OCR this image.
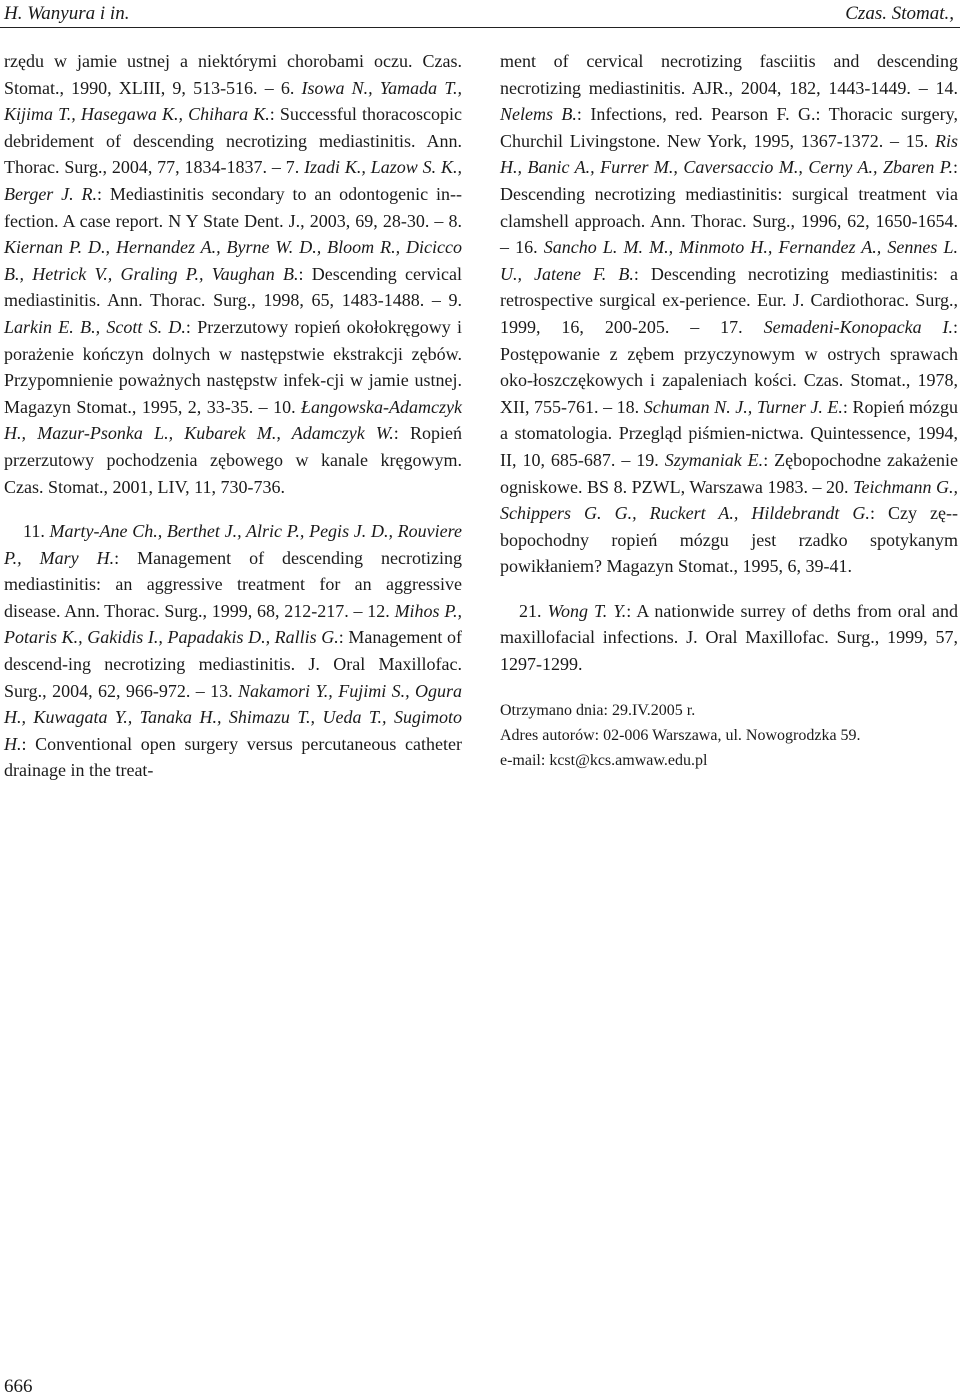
H. Wanyura i in.	Czas. Stomat.,

rzędu w jamie ustnej a niektórymi chorobami oczu. Czas. Stomat., 1990, XLIII, 9, 513-516. – 6. Isowa N., Yamada T., Kijima T., Hasegawa K., Chihara K.: Successful thoracoscopic debridement of descending necrotizing mediastinitis. Ann. Thorac. Surg., 2004, 77, 1834-1837. – 7. Izadi K., Lazow S. K., Berger J. R.: Mediastinitis secondary to an odontogenic in-fection. A case report. N Y State Dent. J., 2003, 69, 28-30. – 8. Kiernan P. D., Hernandez A., Byrne W. D., Bloom R., Dicicco B., Hetrick V., Graling P., Vaughan B.: Descending cervical mediastinitis. Ann. Thorac. Surg., 1998, 65, 1483-1488. – 9. Larkin E. B., Scott S. D.: Przerzutowy ropień okołokręgowy i porażenie kończyn dolnych w następstwie ekstrakcji zębów. Przypomnienie poważnych następstw infek-cji w jamie ustnej. Magazyn Stomat., 1995, 2, 33-35. – 10. Łangowska-Adamczyk H., Mazur-Psonka L., Kubarek M., Adamczyk W.: Ropień przerzutowy pochodzenia zębowego w kanale kręgowym. Czas. Stomat., 2001, LIV, 11, 730-736.

11. Marty-Ane Ch., Berthet J., Alric P., Pegis J. D., Rouviere P., Mary H.: Management of descending necrotizing mediastinitis: an aggressive treatment for an aggressive disease. Ann. Thorac. Surg., 1999, 68, 212-217. – 12. Mihos P., Potaris K., Gakidis I., Papadakis D., Rallis G.: Management of descend-ing necrotizing mediastinitis. J. Oral Maxillofac. Surg., 2004, 62, 966-972. – 13. Nakamori Y., Fujimi S., Ogura H., Kuwagata Y., Tanaka H., Shimazu T., Ueda T., Sugimoto H.: Conventional open surgery versus percutaneous catheter drainage in the treat-

ment of cervical necrotizing fasciitis and descending necrotizing mediastinitis. AJR., 2004, 182, 1443-1449. – 14. Nelems B.: Infections, red. Pearson F. G.: Thoracic surgery, Churchil Livingstone. New York, 1995, 1367-1372. – 15. Ris H., Banic A., Furrer M., Caversaccio M., Cerny A., Zbaren P.: Descending necrotizing mediastinitis: surgical treatment via clamshell approach. Ann. Thorac. Surg., 1996, 62, 1650-1654. – 16. Sancho L. M. M., Minmoto H., Fernandez A., Sennes L. U., Jatene F. B.: Descending necrotizing mediastinitis: a retrospective surgical ex-perience. Eur. J. Cardiothorac. Surg., 1999, 16, 200-205. – 17. Semadeni-Konopacka I.: Postępowanie z zębem przyczynowym w ostrych sprawach oko-łoszczękowych i zapaleniach kości. Czas. Stomat., 1978, XII, 755-761. – 18. Schuman N. J., Turner J. E.: Ropień mózgu a stomatologia. Przegląd piśmien-nictwa. Quintessence, 1994, II, 10, 685-687. – 19. Szymaniak E.: Zębopochodne zakażenie ogniskowe. BS 8. PZWL, Warszawa 1983. – 20. Teichmann G., Schippers G. G., Ruckert A., Hildebrandt G.: Czy zę-bopochodny ropień mózgu jest rzadko spotykanym powikłaniem? Magazyn Stomat., 1995, 6, 39-41.

21. Wong T. Y.: A nationwide surrey of deths from oral and maxillofacial infections. J. Oral Maxillofac. Surg., 1999, 57, 1297-1299.

Otrzymano dnia: 29.IV.2005 r.
Adres autorów: 02-006 Warszawa, ul. Nowogrodzka 59.
e-mail: kcst@kcs.amwaw.edu.pl
666
